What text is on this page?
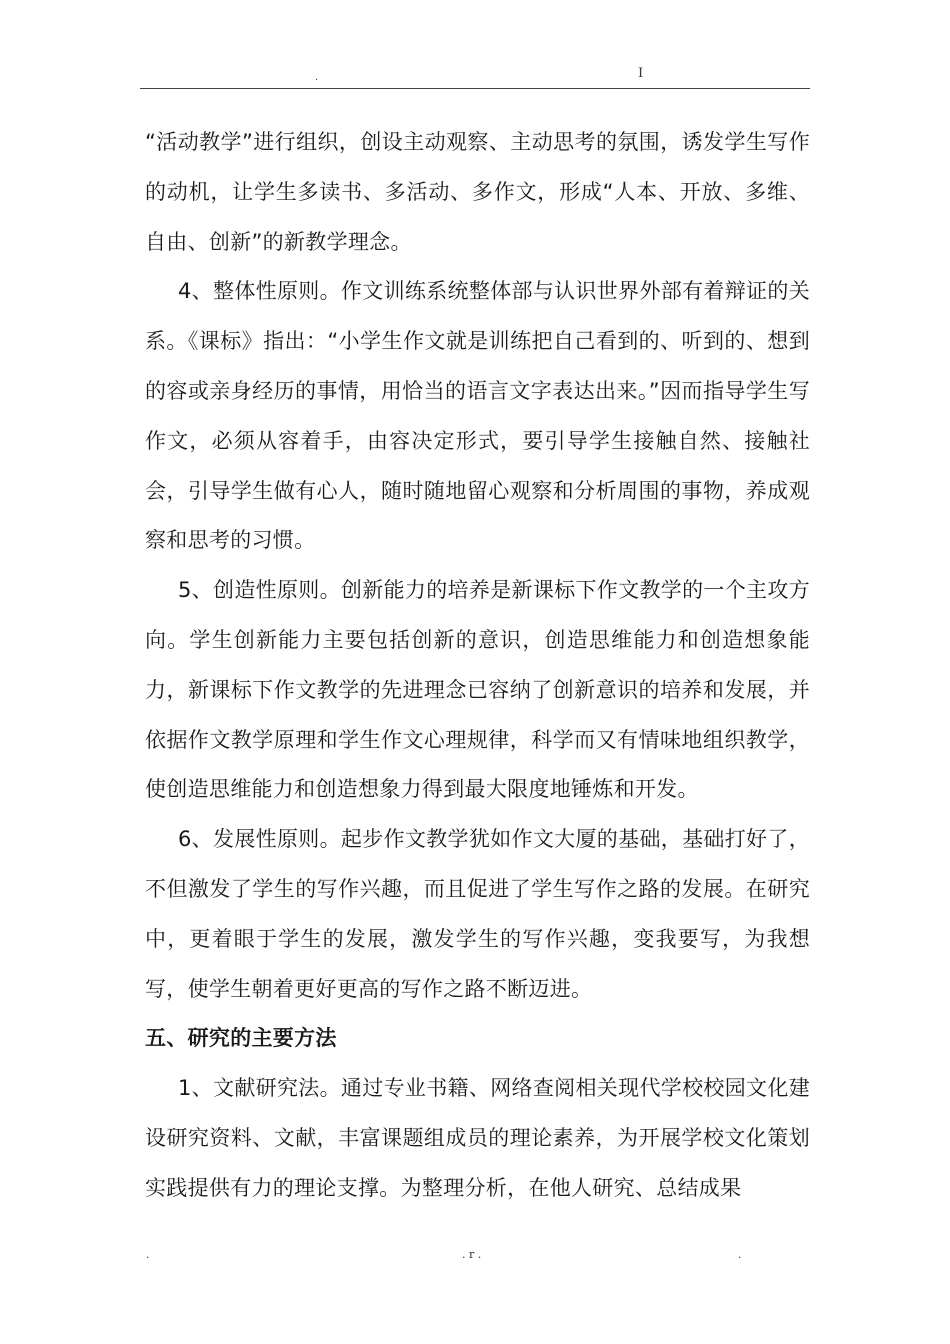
.	I

“活动教学”进行组织，创设主动观察、主动思考的氛围，诱发学生写作的动机，让学生多读书、多活动、多作文，形成“人本、开放、多维、自由、创新”的新教学理念。

4、整体性原则。作文训练系统整体部与认识世界外部有着辩证的关系。《课标》指出：“小学生作文就是训练把自己看到的、听到的、想到的容或亲身经历的事情，用恰当的语言文字表达出来。”因而指导学生写作文，必须从容着手，由容决定形式，要引导学生接触自然、接触社会，引导学生做有心人，随时随地留心观察和分析周围的事物，养成观察和思考的习惯。

5、创造性原则。创新能力的培养是新课标下作文教学的一个主攻方向。学生创新能力主要包括创新的意识，创造思维能力和创造想象能力，新课标下作文教学的先进理念已容纳了创新意识的培养和发展，并依据作文教学原理和学生作文心理规律，科学而又有情味地组织教学，使创造思维能力和创造想象力得到最大限度地锤炼和开发。

6、发展性原则。起步作文教学犹如作文大厦的基础，基础打好了，不但激发了学生的写作兴趣，而且促进了学生写作之路的发展。在研究中，更着眼于学生的发展，激发学生的写作兴趣，变我要写，为我想写，使学生朝着更好更高的写作之路不断迈进。

五、研究的主要方法

1、文献研究法。通过专业书籍、网络查阅相关现代学校校园文化建设研究资料、文献，丰富课题组成员的理论素养，为开展学校文化策划实践提供有力的理论支撑。为整理分析，在他人研究、总结成果

.	. r .	.
